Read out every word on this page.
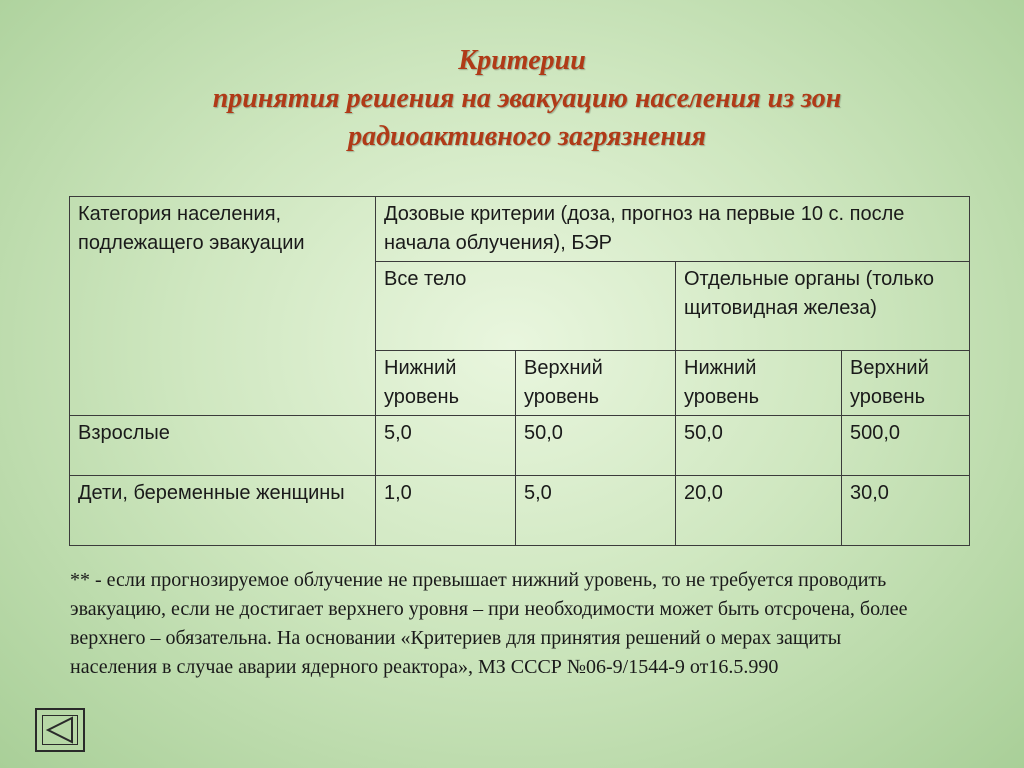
Критерии
принятия решения на эвакуацию населения из зон
радиоактивного загрязнения
Категория населения, подлежащего эвакуации	Дозовые критерии (доза, прогноз на первые 10 с. после начала облучения), БЭР			
	Все тело		Отдельные органы (только щитовидная железа)	
	Нижний уровень	Верхний уровень	Нижний уровень	Верхний уровень
Взрослые	5,0	50,0	50,0	500,0
Дети, беременные женщины	1,0	5,0	20,0	30,0
** - если прогнозируемое облучение не превышает нижний уровень, то не требуется проводить эвакуацию, если не достигает верхнего уровня – при необходимости может быть отсрочена, более верхнего – обязательна. На основании «Критериев для принятия решений о мерах защиты населения в случае аварии ядерного реактора», МЗ СССР №06-9/1544-9 от16.5.990
